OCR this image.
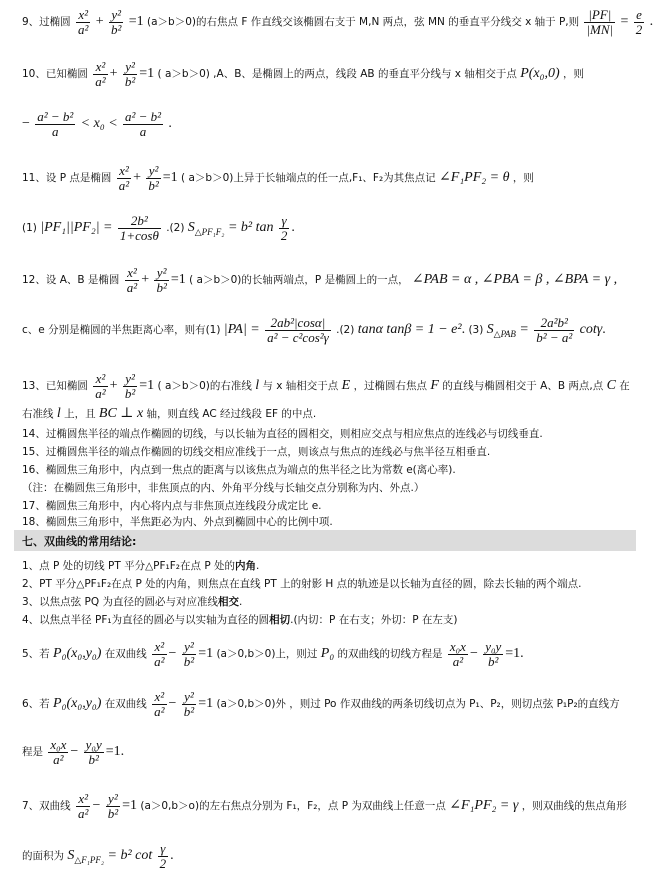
9、过椭圆 $\frac{\text{x²}}{\text{a²}} + \frac{\text{y²}}{\text{b²}} =1$ (a＞b＞0)的右焦点 F 作直线交该椭圆右支于 M,N 两点，弦 MN 的垂直平分线交 x 轴于 P,则 $\frac{|PF|}{|MN|} = \frac{e}{2}$ .
10、已知椭圆 $\frac{\text{x²}}{\text{a²}} + \frac{\text{y²}}{\text{b²}} =1$ ( a＞b＞0) ,A、B、是椭圆上的两点，线段 AB 的垂直平分线与 x 轴相交于点 P(x₀,0) ，则
− $\frac{\text{a² − b²}}{a} < x_0 < \frac{\text{a² − b²}}{a}$ .
11、设 P 点是椭圆 $\frac{\text{x²}}{\text{a²}} + \frac{\text{y²}}{\text{b²}} =1$ ( a＞b＞0)上异于长轴端点的任一点,F₁、F₂为其焦点记 ∠F₁PF₂ = θ ，则
(1) $|PF_1||PF_2| = \frac{\text{2b²}}{1+\cos\theta} .(2) S_{\triangle PF_1F_2} = b^2$ $\tan \frac{\gamma}{2}$ .
12、设 A、B 是椭圆 $\frac{\text{x²}}{\text{a²}} + \frac{\text{y²}}{\text{b²}} =1$ ( a＞b＞0)的长轴两端点，P 是椭圆上的一点， ∠PAB = α , ∠PBA = β , ∠BPA = γ ,
c、e 分别是椭圆的半焦距离心率，则有(1) $|PA| = \frac{\text{2ab²|cosα|}}{\text{a² − c²cos²γ}} .(2)$ tanα tanβ = 1 − e². (3) $S_{\triangle PAB} = \frac{\text{2a²b²}}{\text{b² − a²}} \cot\gamma$.
13、已知椭圆 $\frac{\text{x²}}{\text{a²}} + \frac{\text{y²}}{\text{b²}} =1$ ( a＞b＞0)的右准线 l 与 x 轴相交于点 E ，过椭圆右焦点 F 的直线与椭圆相交于 A、B 两点,点 C 在
右准线 l 上，且 BC ⊥ x 轴，则直线 AC 经过线段 EF 的中点.
14、过椭圆焦半径的端点作椭圆的切线，与以长轴为直径的圆相交，则相应交点与相应焦点的连线必与切线垂直.
15、过椭圆焦半径的端点作椭圆的切线交相应准线于一点，则该点与焦点的连线必与焦半径互相垂直.
16、椭圆焦三角形中，内点到一焦点的距离与以该焦点为端点的焦半径之比为常数 e(离心率).
（注：在椭圆焦三角形中，非焦顶点的内、外角平分线与长轴交点分别称为内、外点.）
17、椭圆焦三角形中，内心将内点与非焦顶点连线段分成定比 e.
18、椭圆焦三角形中，半焦距必为内、外点到椭圆中心的比例中项.
七、双曲线的常用结论:
1、点 P 处的切线 PT 平分△PF₁F₂在点 P 处的内角.
2、PT 平分△PF₁F₂在点 P 处的内角，则焦点在直线 PT 上的射影 H 点的轨迹是以长轴为直径的圆，除去长轴的两个端点.
3、以焦点弦 PQ 为直径的圆必与对应准线相交.
4、以焦点半径 PF₁为直径的圆必与以实轴为直径的圆相切.(内切：P 在右支；外切：P 在左支)
5、若 P₀(x₀,y₀) 在双曲线 $\frac{\text{x²}}{\text{a²}} - \frac{\text{y²}}{\text{b²}} =1$ (a＞0,b＞0)上，则过 P₀ 的双曲线的切线方程是 $\frac{\text{x₀x}}{\text{a²}} - \frac{\text{y₀y}}{\text{b²}} =1$.
6、若 P₀(x₀,y₀) 在双曲线 $\frac{\text{x²}}{\text{a²}} - \frac{\text{y²}}{\text{b²}} =1$ (a＞0,b＞0)外 ，则过 Po 作双曲线的两条切线切点为 P₁、P₂，则切点弦 P₁P₂的直线方
程是 $\frac{\text{x₀x}}{\text{a²}} - \frac{\text{y₀y}}{\text{b²}} =1$.
7、双曲线 $\frac{\text{x²}}{\text{a²}} - \frac{\text{y²}}{\text{b²}} =1$ (a＞0,b＞o)的左右焦点分别为 F₁，F₂，点 P 为双曲线上任意一点 ∠F₁PF₂ = γ ，则双曲线的焦点角形
的面积为 $S_{\triangle F_1PF_2} = b^2$ $\cot \frac{\gamma}{2}$ .
